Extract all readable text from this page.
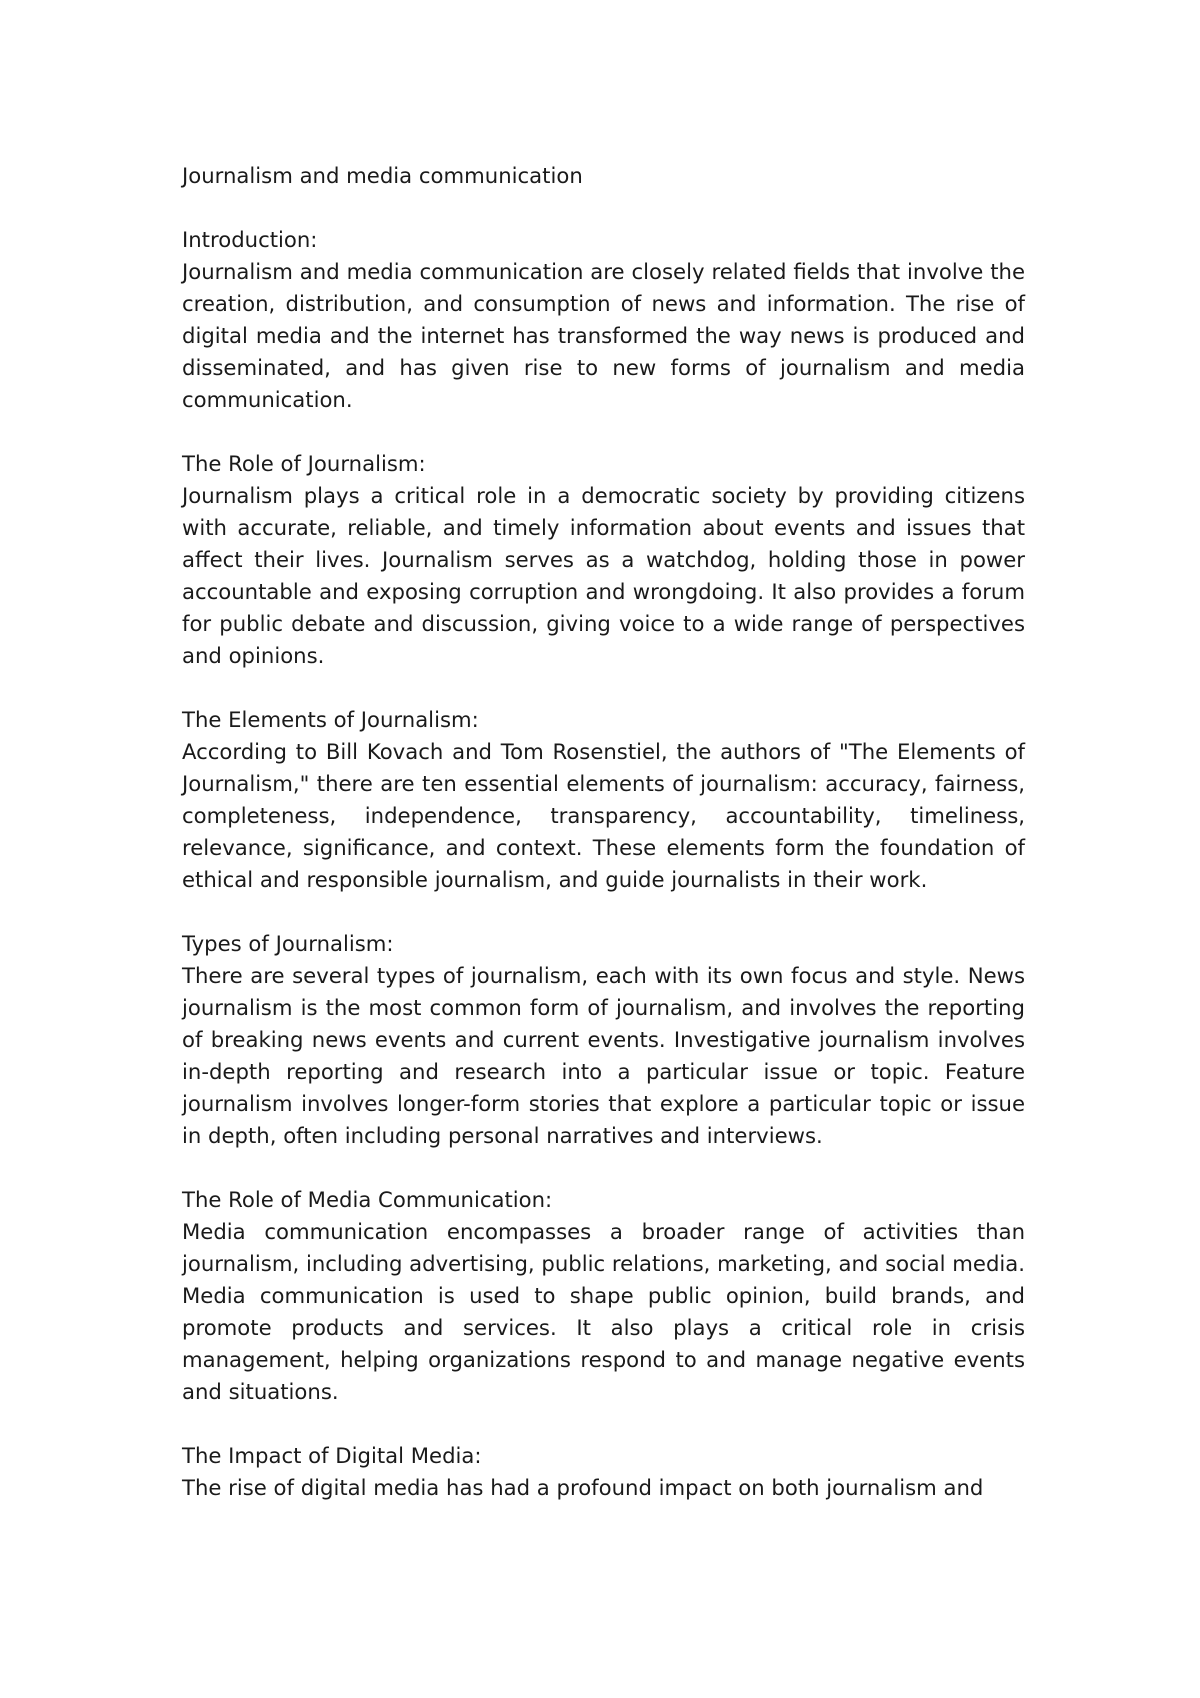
Journalism and media communication
Introduction:

Journalism and media communication are closely related fields that involve the creation, distribution, and consumption of news and information. The rise of digital media and the internet has transformed the way news is produced and disseminated, and has given rise to new forms of journalism and media communication.

The Role of Journalism:

Journalism plays a critical role in a democratic society by providing citizens with accurate, reliable, and timely information about events and issues that affect their lives. Journalism serves as a watchdog, holding those in power accountable and exposing corruption and wrongdoing. It also provides a forum for public debate and discussion, giving voice to a wide range of perspectives and opinions.

The Elements of Journalism:

According to Bill Kovach and Tom Rosenstiel, the authors of "The Elements of Journalism," there are ten essential elements of journalism: accuracy, fairness, completeness, independence, transparency, accountability, timeliness, relevance, significance, and context. These elements form the foundation of ethical and responsible journalism, and guide journalists in their work.

Types of Journalism:

There are several types of journalism, each with its own focus and style. News journalism is the most common form of journalism, and involves the reporting of breaking news events and current events. Investigative journalism involves in-depth reporting and research into a particular issue or topic. Feature journalism involves longer-form stories that explore a particular topic or issue in depth, often including personal narratives and interviews.

The Role of Media Communication:

Media communication encompasses a broader range of activities than journalism, including advertising, public relations, marketing, and social media. Media communication is used to shape public opinion, build brands, and promote products and services. It also plays a critical role in crisis management, helping organizations respond to and manage negative events and situations.

The Impact of Digital Media:

The rise of digital media has had a profound impact on both journalism and
